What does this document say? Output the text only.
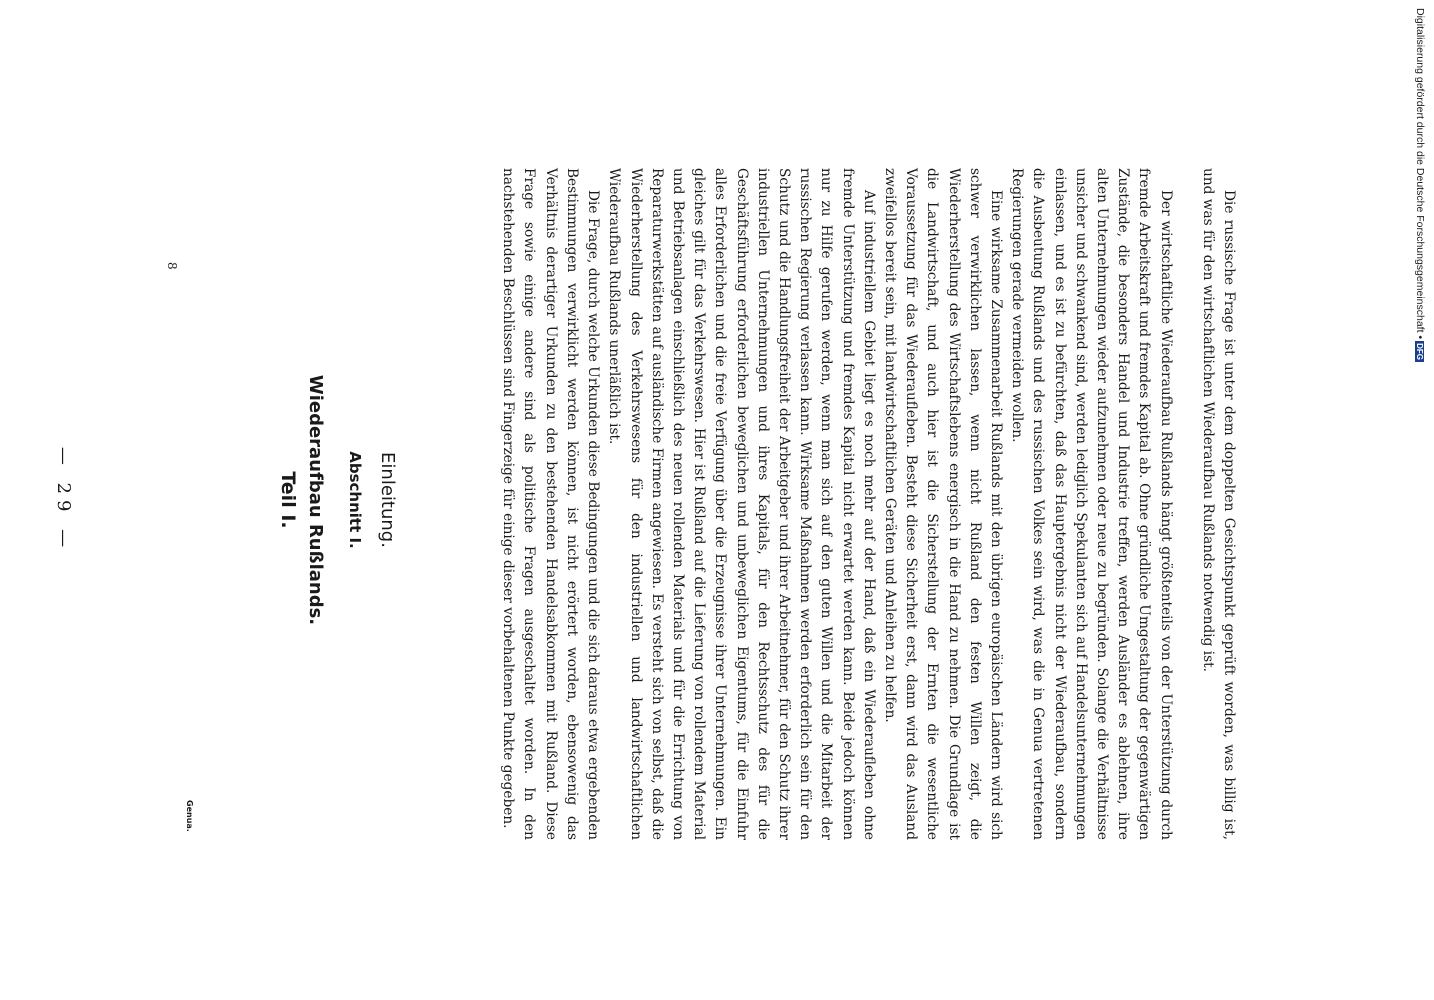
— 29 —	Teil I. Wiederaufbau Rußlands. Abschnitt I. Einleitung.	Die russische Frage ist unter dem doppelten Gesichtspunkt geprüft worden, was billig ist, und was für den wirtschaftlichen Wiederaufbau Rußlands notwendig ist.

Der wirtschaftliche Wiederaufbau Rußlands hängt größtenteils von der Unterstützung durch fremde Arbeitskraft und fremdes Kapital ab. Ohne gründliche Umgestaltung der gegenwärtigen Zustände, die besonders Handel und Industrie treffen, werden Ausländer es ablehnen, ihre alten Unternehmungen wieder aufzunehmen oder neue zu begründen. Solange die Verhältnisse unsicher und schwankend sind, werden lediglich Spekulanten sich auf Handelsunternehmungen einlassen, und es ist zu befürchten, daß das Hauptergebnis nicht der Wiederaufbau, sondern die Ausbeutung Rußlands und des russischen Volkes sein wird, was die in Genua vertretenen Regierungen gerade vermeiden wollen.

Eine wirksame Zusammenarbeit Rußlands mit den übrigen europäischen Ländern wird sich schwer verwirklichen lassen, wenn nicht Rußland den festen Willen zeigt, die Wiederherstellung des Wirtschaftslebens energisch in die Hand zu nehmen. Die Grundlage ist die Landwirtschaft, und auch hier ist die Sicherstellung der Ernten die wesentliche Voraussetzung für das Wiederaufleben. Besteht diese Sicherheit erst, dann wird das Ausland zweifellos bereit sein, mit landwirtschaftlichen Geräten und Anleihen zu helfen.

Auf industriellem Gebiet liegt es noch mehr auf der Hand, daß ein Wiederaufleben ohne fremde Unterstützung und fremdes Kapital nicht erwartet werden kann. Beide jedoch können nur zu Hilfe gerufen werden, wenn man sich auf den guten Willen und die Mitarbeit der russischen Regierung verlassen kann. Wirksame Maßnahmen werden erforderlich sein für den Schutz und die Handlungsfreiheit der Arbeitgeber und ihrer Arbeitnehmer, für den Schutz ihrer industriellen Unternehmungen und ihres Kapitals, für den Rechtsschutz des für die Geschäftsführung erforderlichen beweglichen und unbeweglichen Eigentums, für die Einfuhr alles Erforderlichen und die freie Verfügung über die Erzeugnisse ihrer Unternehmungen. Ein gleiches gilt für das Verkehrswesen. Hier ist Rußland auf die Lieferung von rollendem Material und Betriebsanlagen einschließlich des neuen rollenden Materials und für die Errichtung von Reparaturwerkstätten auf ausländische Firmen angewiesen. Es versteht sich von selbst, daß die Wiederherstellung des Verkehrswesens für den industriellen und landwirtschaftlichen Wiederaufbau Rußlands unerläßlich ist.

Die Frage, durch welche Urkunden diese Bedingungen und die sich daraus etwa ergebenden Bestimmungen verwirklicht werden können, ist nicht erörtert worden, ebensowenig das Verhältnis derartiger Urkunden zu den bestehenden Handelsabkommen mit Rußland. Diese Frage sowie einige andere sind als politische Fragen ausgeschaltet worden. In den nachstehenden Beschlüssen sind Fingerzeige für einige dieser vorbehaltenen Punkte gegeben.

Genua.
8	Digitalisierung gefördert durch die Deutsche Forschungsgemeinschaft •DFG
